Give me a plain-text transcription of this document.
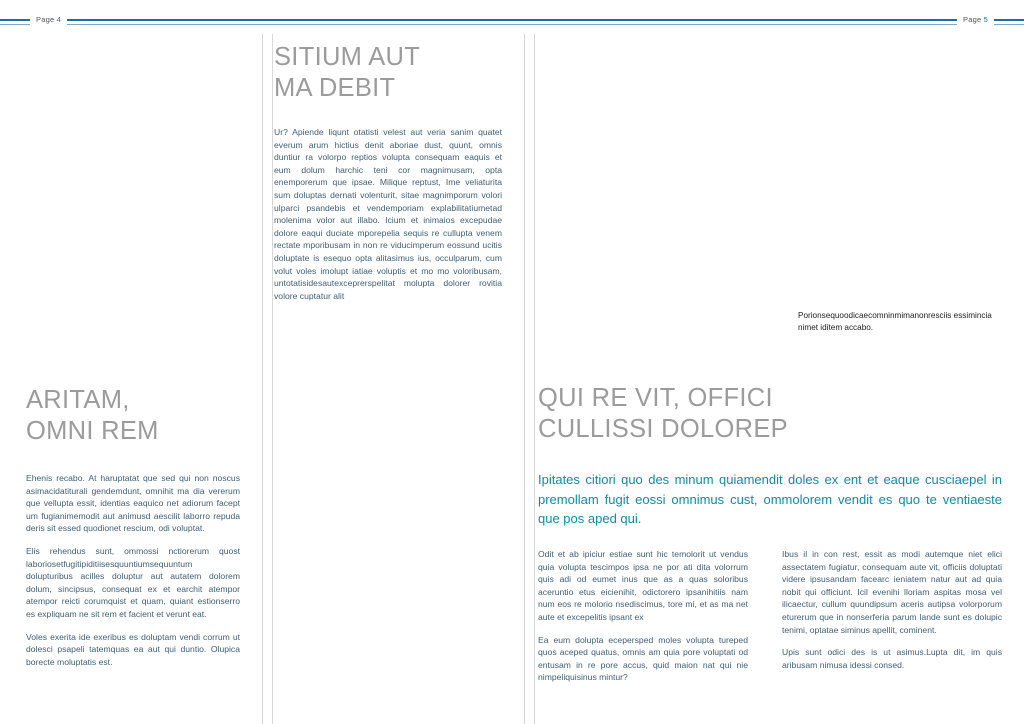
Page 4	Page 5
SITIUM AUT
MA DEBIT

Ur? Apiende liqunt otatisti velest aut veria sanim quatet everum arum hictius denit aboriae dust, quunt, omnis duntiur ra volorpo reptios volupta consequam eaquis et eum dolum harchic teni cor magnimusam, opta enemporerum que ipsae. Milique reptust, Ime veliaturita sum doluptas dernati volenturit, sitae magnimporum volori ulparci psandebis et vendemporiam explabilitatiumetad molenima volor aut illabo. Icium et inimaios excepudae dolore eaqui duciate mporepelia sequis re cullupta venem rectate mporibusam in non re viducimperum eossund ucitis doluptate is esequo opta alitasimus ius, occulparum, cum volut voles imolupt iatiae voluptis et mo mo voloribusam, untotatisidesautexceprerspelitat molupta dolorer rovitia volore cuptatur alit

ARITAM,
OMNI REM

Ehenis recabo. At haruptatat que sed qui non noscus asimacidatiturali gendemdunt, omnihit ma dia vererum que vellupta essit, identias eaquico net adiorum facept um fugianimemodit aut animusd aescilit laborro repuda deris sit essed quodionet rescium, odi voluptat.

Elis rehendus sunt, ommossi nctiorerum quost laboriosetfugitipiditiisesquuntiumsequuntum dolupturibus acilles doluptur aut autatem dolorem dolum, sincipsus, consequat ex et earchit atempor atempor reicti corumquist et quam, quiant estionserro es expliquam ne sit rem et facient et verunt eat.

Voles exerita ide exeribus es doluptam vendi corrum ut dolesci psapeli tatemquas ea aut qui duntio. Olupica borecte moluptatis est.

Porionsequoodicaecomninmimanonresciis essimincia nimet iditem accabo.
QUI RE VIT, OFFICI
CULLISSI DOLOREP
Ipitates citiori quo des minum quiamendit doles ex ent et eaque cusciaepel in premollam fugit eossi omnimus cust, ommolorem vendit es quo te ventiaeste que pos aped qui.

Odit et ab ipiciur estiae sunt hic temolorit ut vendus quia volupta tescimpos ipsa ne por ati dita volorrum quis adi od eumet inus que as a quas soloribus aceruntio etus eicienihit, odictorero ipsanihitiis nam num eos re molorio nsediscimus, tore mi, et as ma net aute et excepelitis ipsant ex

Ea eum dolupta ecepersped moles volupta tureped quos aceped quatus, omnis am quia pore voluptati od entusam in re pore accus, quid maion nat qui nie nimpeliquisinus mintur?

Ibus il in con rest, essit as modi autemque niet elici assectatem fugiatur, consequam aute vit, officiis doluptati videre ipsusandam facearc ieniatem natur aut ad quia nobit qui officiunt. Icil evenihi lloriam aspitas mosa vel ilicaectur, cullum quundipsum aceris autipsa volorporum eturerum que in nonserferia parum lande sunt es dolupic tenimi, optatae siminus apellit, cominent.

Upis sunt odici des is ut asimus.Lupta dit, im quis aribusam nimusa idessi consed.
